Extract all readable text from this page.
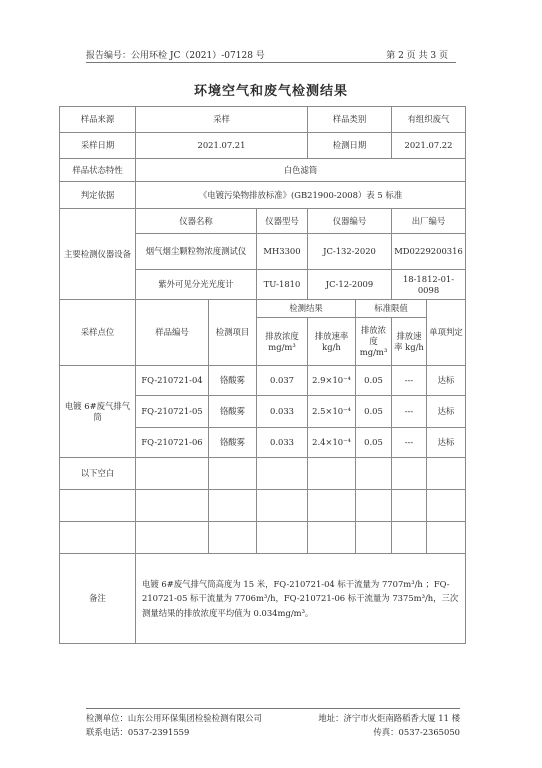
报告编号：公用环检 JC（2021）-07128 号	第 2 页 共 3 页
环境空气和废气检测结果
样品来源	采样			样品类别		有组织废气	
采样日期	2021.07.21			检测日期		2021.07.22	
样品状态特性	白色滤筒						
判定依据	《电镀污染物排放标准》(GB21900-2008）表 5 标准						
主要检测仪器设备	仪器名称		仪器型号	仪器编号		出厂编号	
	烟气烟尘颗粒物浓度测试仪		MH3300	JC-132-2020		MD0229200316	
	紫外可见分光光度计		TU-1810	JC-12-2009		18-1812-01-0098	
采样点位	样品编号	检测项目	检测结果		标准限值		单项判定
			排放浓度 mg/m³	排放速率 kg/h	排放浓度 mg/m³	排放速率 kg/h	
电镀 6#废气排气筒	FQ-210721-04	铬酸雾	0.037	2.9×10⁻⁴	0.05	---	达标
	FQ-210721-05	铬酸雾	0.033	2.5×10⁻⁴	0.05	---	达标
	FQ-210721-06	铬酸雾	0.033	2.4×10⁻⁴	0.05	---	达标
以下空白							

备注	电镀 6#废气排气筒高度为 15 米，FQ-210721-04 标干流量为 7707m³/h ；FQ-210721-05 标干流量为 7706m³/h，FQ-210721-06 标干流量为 7375m³/h，三次测量结果的排放浓度平均值为 0.034mg/m³。						
检测单位：山东公用环保集团检验检测有限公司	地址：济宁市火炬南路稻香大厦 11 楼
联系电话：0537-2391559	传真：0537-2365050
